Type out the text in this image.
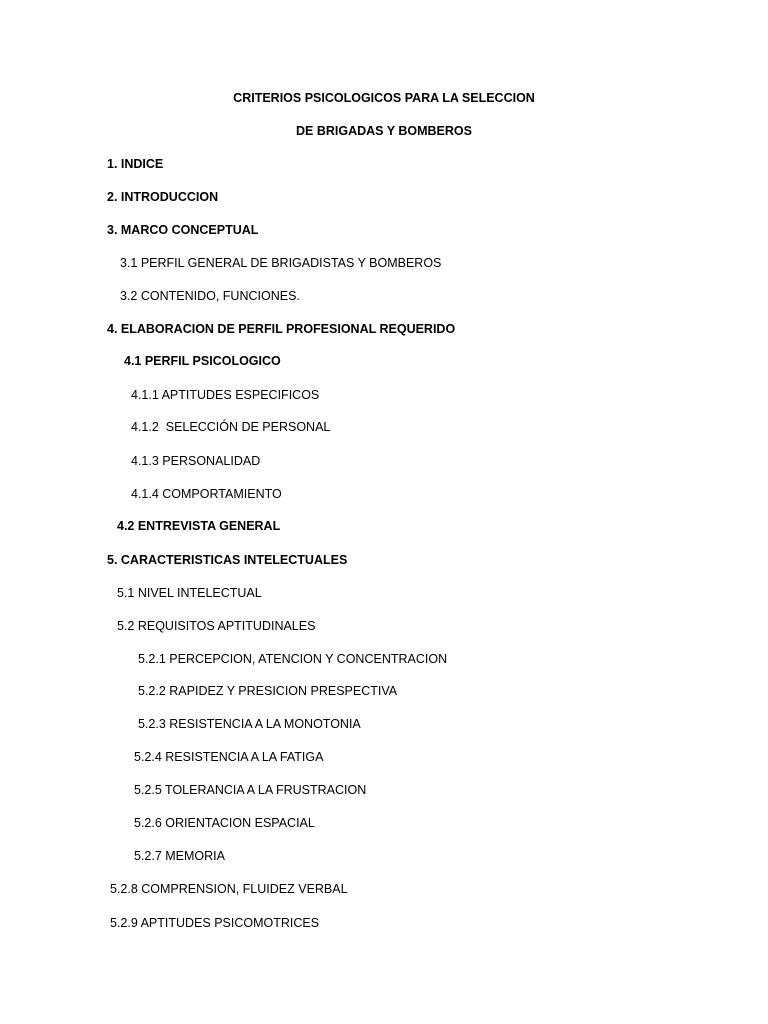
CRITERIOS PSICOLOGICOS PARA LA SELECCION
DE BRIGADAS Y BOMBEROS
1. INDICE
2. INTRODUCCION
3. MARCO CONCEPTUAL
3.1 PERFIL GENERAL DE BRIGADISTAS Y BOMBEROS
3.2 CONTENIDO, FUNCIONES.
4. ELABORACION DE PERFIL PROFESIONAL REQUERIDO
4.1 PERFIL PSICOLOGICO
4.1.1 APTITUDES ESPECIFICOS
4.1.2  SELECCIÓN DE PERSONAL
4.1.3 PERSONALIDAD
4.1.4 COMPORTAMIENTO
4.2 ENTREVISTA GENERAL
5. CARACTERISTICAS INTELECTUALES
5.1 NIVEL INTELECTUAL
5.2 REQUISITOS APTITUDINALES
5.2.1 PERCEPCION, ATENCION Y CONCENTRACION
5.2.2 RAPIDEZ Y PRESICION PRESPECTIVA
5.2.3 RESISTENCIA A LA MONOTONIA
5.2.4 RESISTENCIA A LA FATIGA
5.2.5 TOLERANCIA A LA FRUSTRACION
5.2.6 ORIENTACION ESPACIAL
5.2.7 MEMORIA
5.2.8 COMPRENSION, FLUIDEZ VERBAL
5.2.9 APTITUDES PSICOMOTRICES
